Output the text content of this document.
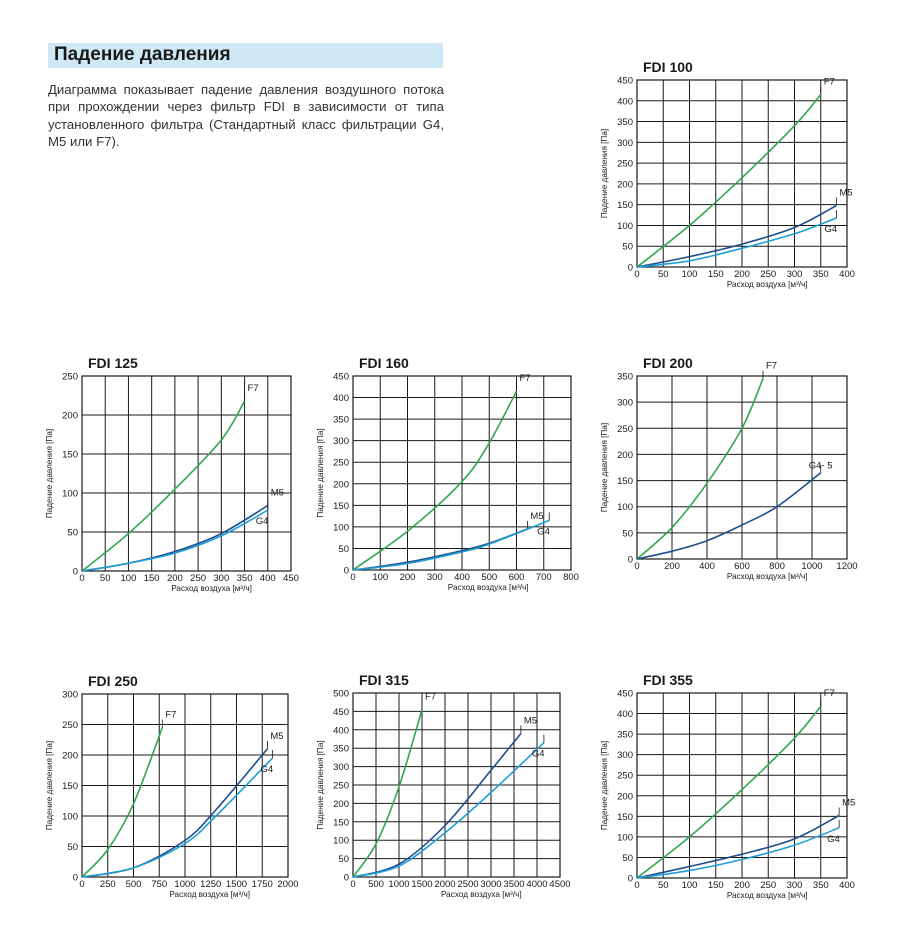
Падение давления

Диаграмма показывает падение давления воздушного потока при прохождении через фильтр FDI в зависимости от типа установленного фильтра (Стандартный класс фильтрации G4, M5 или F7).

FDI 100
0 50 100 150 200 250 300 350 400
0
50
100
150
200
250
300
350
400
450
Расход воздуха [м³/ч]
Падение давления [Па]
F7
M5
G4
FDI 125
0 50 100 150 200 250 300 350 400 450
0
50
100
150
200
250
Расход воздуха [м³/ч]
Падение давления [Па]
F7
M5
G4
FDI 160
0 100 200 300 400 500 600 700 800
0
50
100
150
200
250
300
350
400
450
Расход воздуха [м³/ч]
Падение давления [Па]
F7
M5
G4
FDI 200
0	200 400 600 800 1000 1200
0
50
100
150
200
250
300
350
Расход воздуха [м³/ч]
Падение давления [Па]
F7
G4- 5
FDI 250
0 250 500 750 1000 1250 1500 1750 2000
0
50
100
150
200
250
300
Расход воздуха [м³/ч]
Падение давления [Па]
F7
M5
G4
FDI 315
0 500 1000 1500 2000 2500 3000 3500 4000 4500
0
50
100
150
200
250
300
350
400
450
500
Расход воздуха [м³/ч]
Падение давления [Па]
F7
M5
G4
FDI 355
0 50 100 150 200 250 300 350 400
0
50
100
150
200
250
300
350
400
450
Расход воздуха [м³/ч]
Падение давления [Па]
F7
M5
G4
